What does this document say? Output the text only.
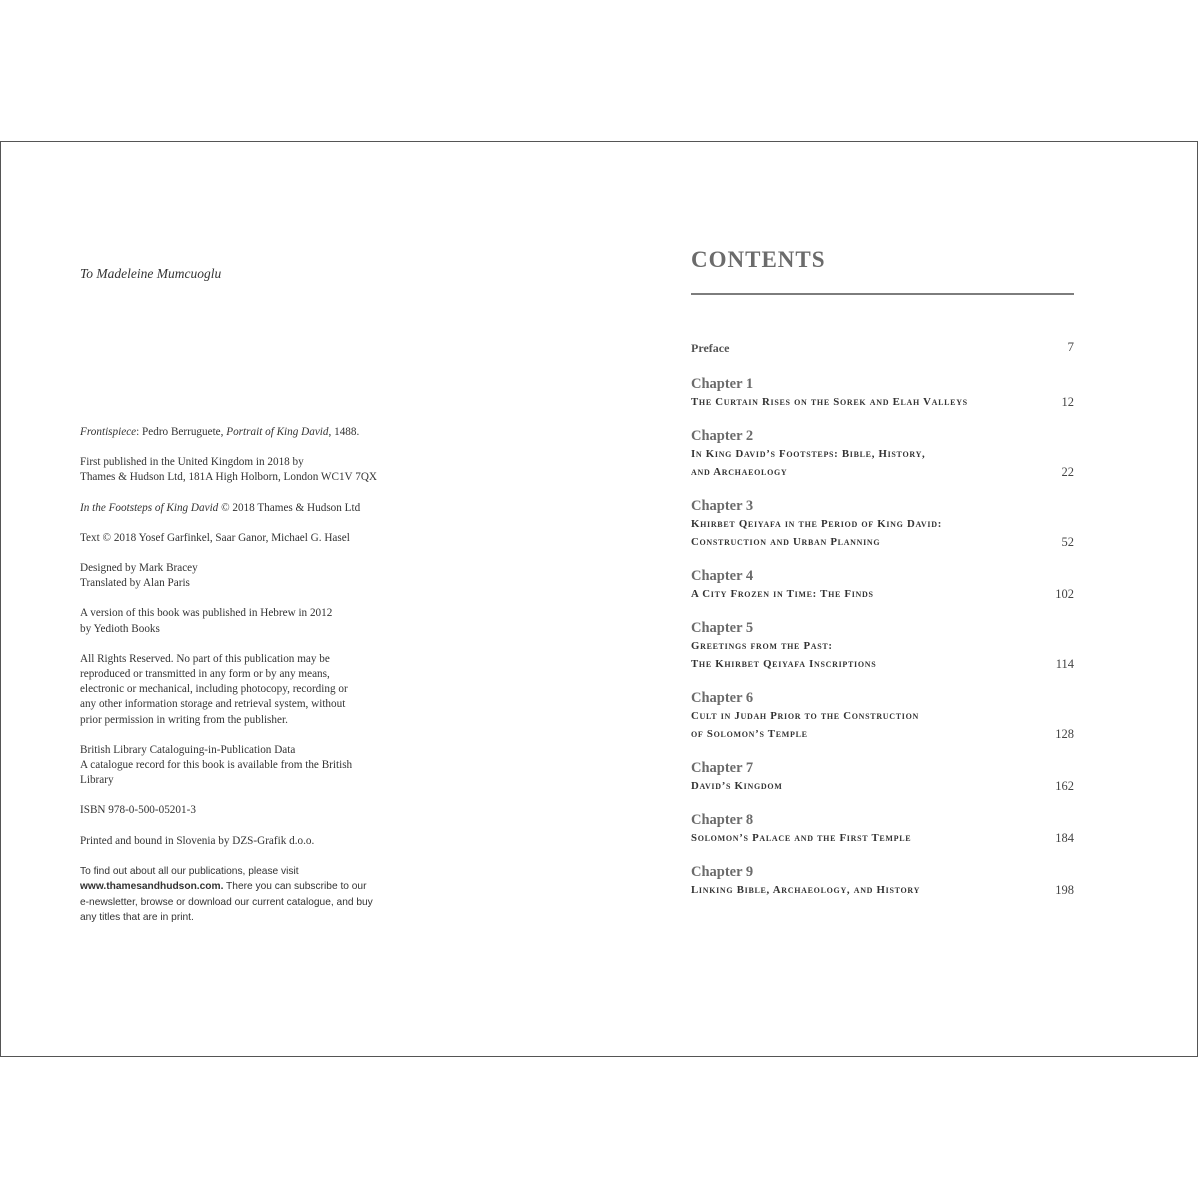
To Madeleine Mumcuoglu

Frontispiece: Pedro Berruguete, Portrait of King David, 1488.

First published in the United Kingdom in 2018 by
Thames & Hudson Ltd, 181A High Holborn, London WC1V 7QX

In the Footsteps of King David © 2018 Thames & Hudson Ltd

Text © 2018 Yosef Garfinkel, Saar Ganor, Michael G. Hasel

Designed by Mark Bracey
Translated by Alan Paris

A version of this book was published in Hebrew in 2012
by Yedioth Books

All Rights Reserved. No part of this publication may be
reproduced or transmitted in any form or by any means,
electronic or mechanical, including photocopy, recording or
any other information storage and retrieval system, without
prior permission in writing from the publisher.

British Library Cataloguing-in-Publication Data
A catalogue record for this book is available from the British
Library

ISBN 978-0-500-05201-3

Printed and bound in Slovenia by DZS-Grafik d.o.o.

To find out about all our publications, please visit
www.thamesandhudson.com. There you can subscribe to our
e-newsletter, browse or download our current catalogue, and buy
any titles that are in print.

CONTENTS
Preface	7
Chapter 1
The Curtain Rises on the Sorek and Elah Valleys	12
Chapter 2
In King David’s Footsteps: Bible, History,
and Archaeology	22
Chapter 3
Khirbet Qeiyafa in the Period of King David:
Construction and Urban Planning	52
Chapter 4
A City Frozen in Time: The Finds	102
Chapter 5
Greetings from the Past:
The Khirbet Qeiyafa Inscriptions	114
Chapter 6
Cult in Judah Prior to the Construction
of Solomon’s Temple	128
Chapter 7
David’s Kingdom	162
Chapter 8
Solomon’s Palace and the First Temple	184
Chapter 9
Linking Bible, Archaeology, and History	198
